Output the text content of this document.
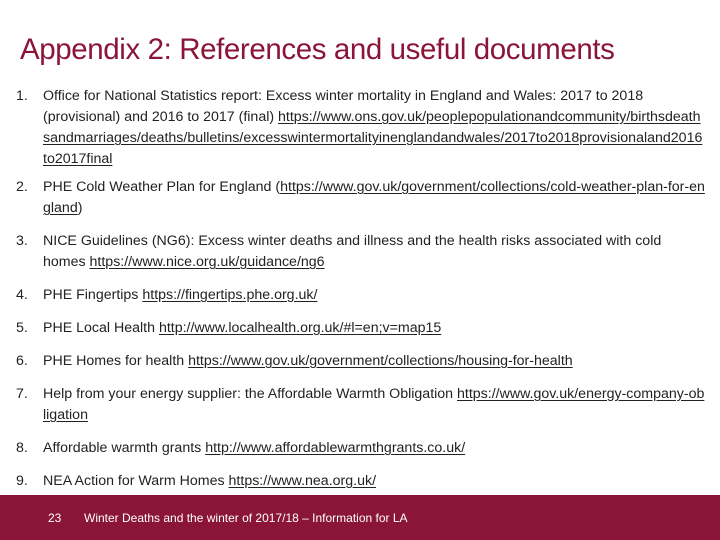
Appendix 2: References and useful documents
1. Office for National Statistics report: Excess winter mortality in England and Wales: 2017 to 2018 (provisional) and 2016 to 2017 (final) https://www.ons.gov.uk/peoplepopulationandcommunity/birthsdeathsandmarriages/deaths/bulletins/excesswintermortalityinenglandandwales/2017to2018provisionaland2016to2017final
2. PHE Cold Weather Plan for England (https://www.gov.uk/government/collections/cold-weather-plan-for-england)
3. NICE Guidelines (NG6): Excess winter deaths and illness and the health risks associated with cold homes https://www.nice.org.uk/guidance/ng6
4. PHE Fingertips https://fingertips.phe.org.uk/
5. PHE Local Health http://www.localhealth.org.uk/#l=en;v=map15
6. PHE Homes for health https://www.gov.uk/government/collections/housing-for-health
7. Help from your energy supplier: the Affordable Warmth Obligation https://www.gov.uk/energy-company-obligation
8. Affordable warmth grants http://www.affordablewarmthgrants.co.uk/
9. NEA Action for Warm Homes https://www.nea.org.uk/
23 Winter Deaths and the winter of 2017/18 – Information for LA
